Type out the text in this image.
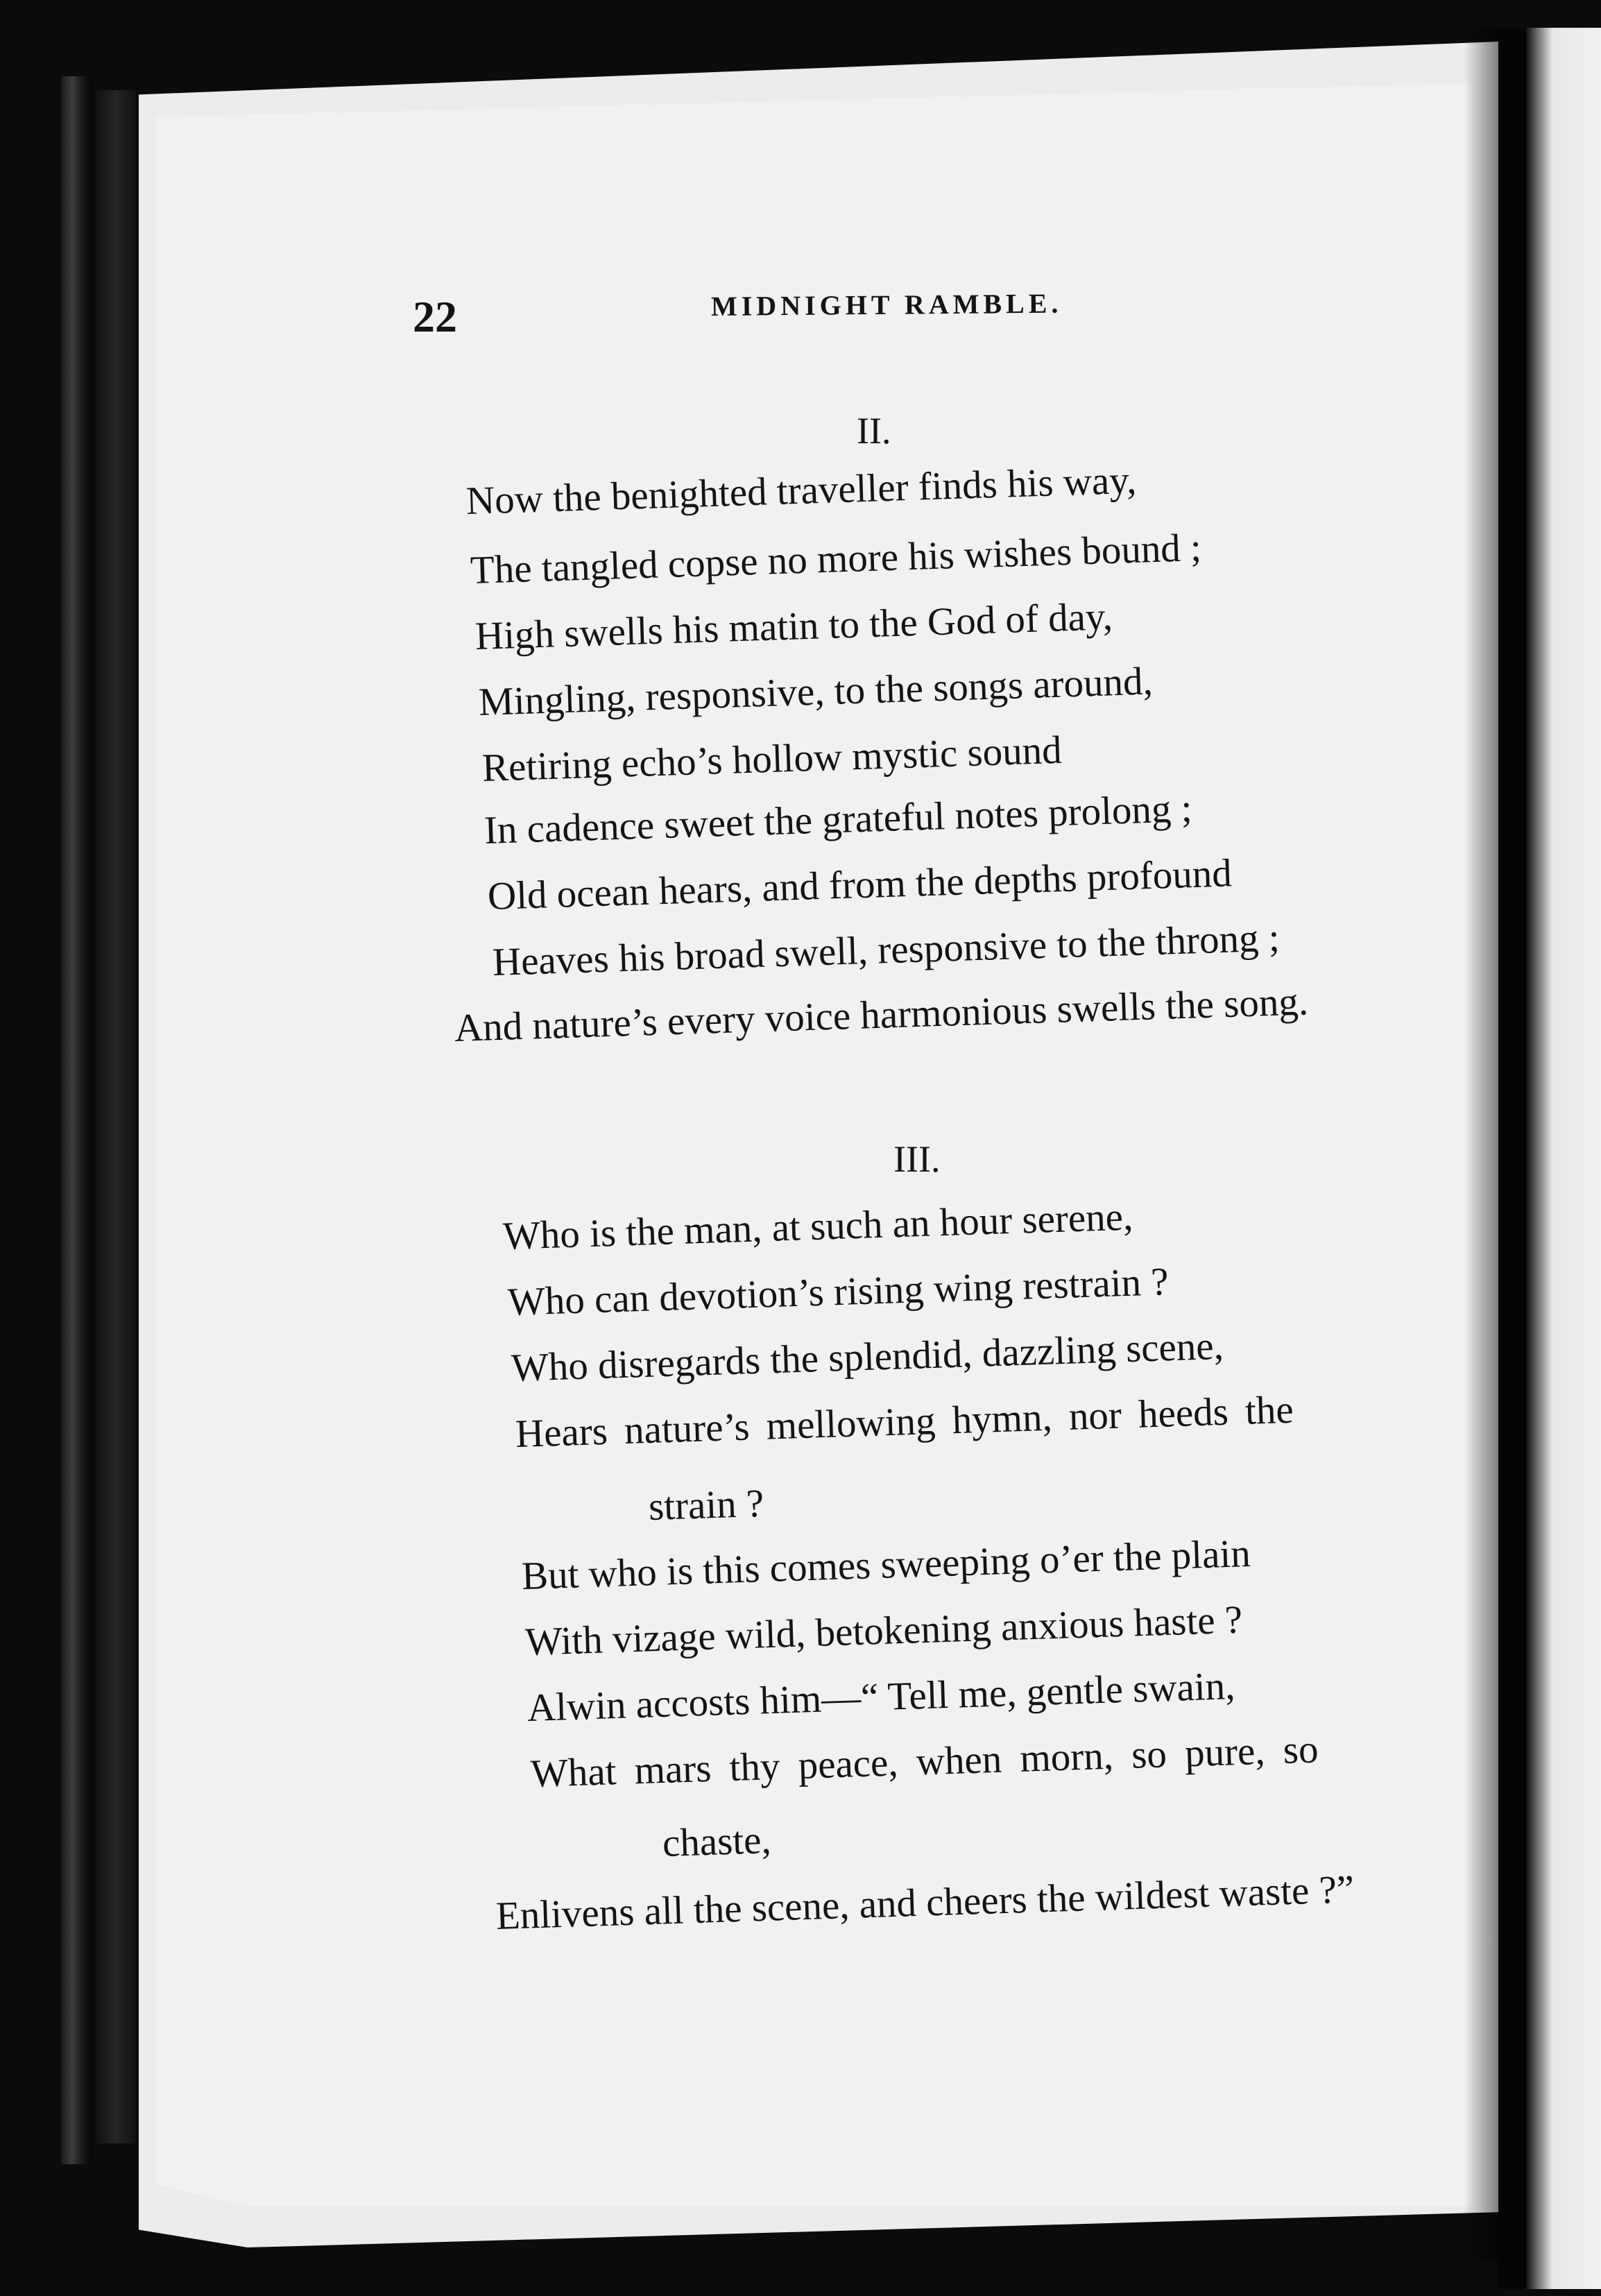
22	MIDNIGHT RAMBLE.
II.
Now the benighted traveller finds his way,
The tangled copse no more his wishes bound ;
High swells his matin to the God of day,
Mingling, responsive, to the songs around,
Retiring echo’s hollow mystic sound
In cadence sweet the grateful notes prolong ;
Old ocean hears, and from the depths profound
Heaves his broad swell, responsive to the throng ;
And nature’s every voice harmonious swells the song.
III.
Who is the man, at such an hour serene,
Who can devotion’s rising wing restrain ?
Who disregards the splendid, dazzling scene,
Hears nature’s mellowing hymn, nor heeds the
strain ?
But who is this comes sweeping o’er the plain
With vizage wild, betokening anxious haste ?
Alwin accosts him—“ Tell me, gentle swain,
What mars thy peace, when morn, so pure, so
chaste,
Enlivens all the scene, and cheers the wildest waste ?”
